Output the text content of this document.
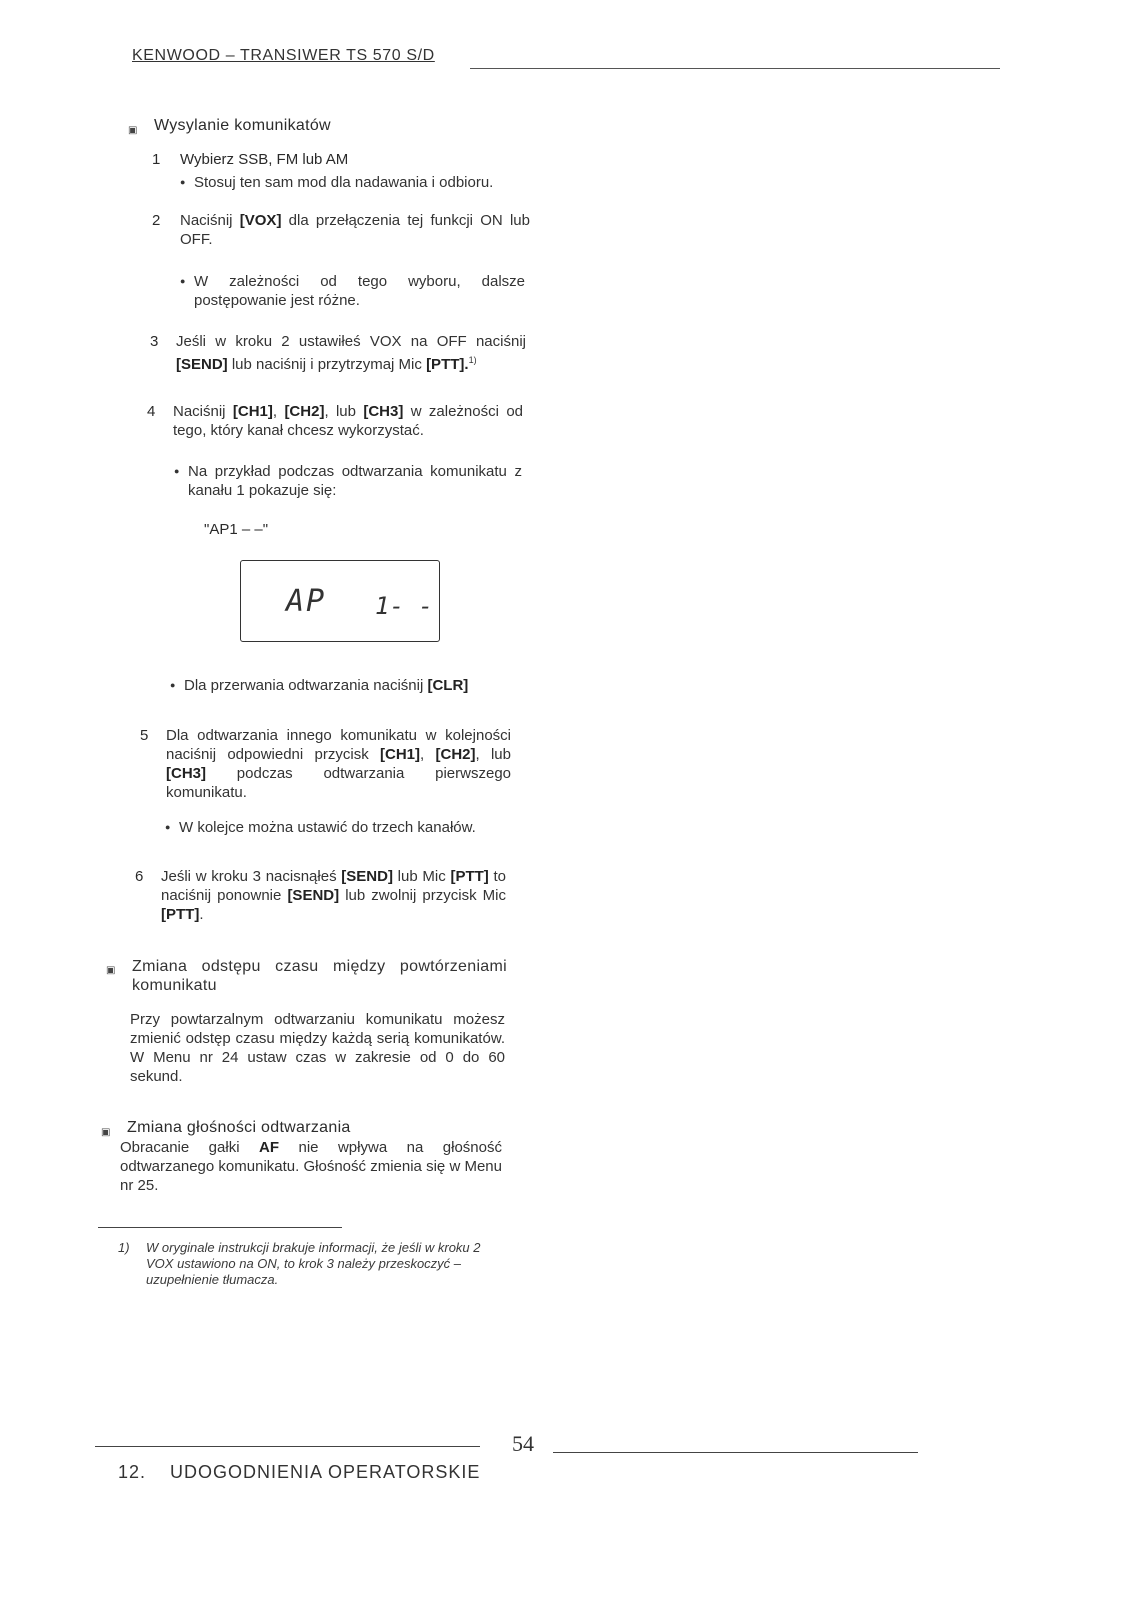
KENWOOD – TRANSIWER TS 570 S/D
▣ Wysylanie komunikatów
1	Wybierz SSB, FM lub AM
● Stosuj ten sam mod dla nadawania i odbioru.
2	Naciśnij [VOX] dla przełączenia tej funkcji ON lub OFF.
● W zależności od tego wyboru, dalsze postępowanie jest różne.
3	Jeśli w kroku 2 ustawiłeś VOX na OFF naciśnij [SEND] lub naciśnij i przytrzymaj Mic [PTT].$^{1)}$
4	Naciśnij [CH1], [CH2], lub [CH3] w zależności od tego, który kanał chcesz wykorzystać.
● Na przykład podczas odtwarzania komunikatu z kanału 1 pokazuje się:
"AP1 – –"
AP 1- -
● Dla przerwania odtwarzania naciśnij [CLR]
5	Dla odtwarzania innego komunikatu w kolejności naciśnij odpowiedni przycisk [CH1], [CH2], lub [CH3] podczas odtwarzania pierwszego komunikatu.
● W kolejce można ustawić do trzech kanałów.
6	Jeśli w kroku 3 nacisnąłeś [SEND] lub Mic [PTT] to naciśnij ponownie [SEND] lub zwolnij przycisk Mic [PTT].
▣ Zmiana odstępu czasu między powtórzeniami komunikatu
Przy powtarzalnym odtwarzaniu komunikatu możesz zmienić odstęp czasu między każdą serią komunikatów. W Menu nr 24 ustaw czas w zakresie od 0 do 60 sekund.
▣ Zmiana głośności odtwarzania
Obracanie gałki AF nie wpływa na głośność odtwarzanego komunikatu. Głośność zmienia się w Menu nr 25.
1)	W oryginale instrukcji brakuje informacji, że jeśli w kroku 2 VOX ustawiono na ON, to krok 3 należy przeskoczyć – uzupełnienie tłumacza.
54
12.    UDOGODNIENIA OPERATORSKIE
